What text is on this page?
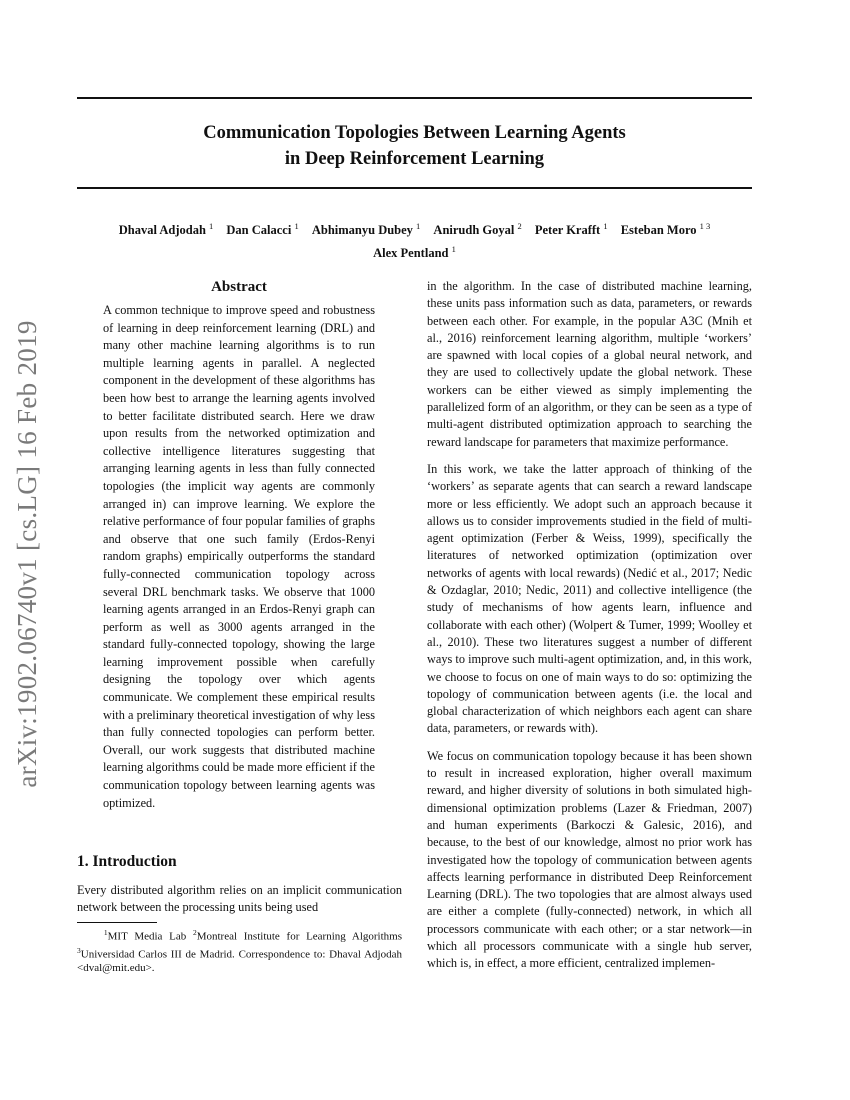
arXiv:1902.06740v1 [cs.LG] 16 Feb 2019
Communication Topologies Between Learning Agents
in Deep Reinforcement Learning
Dhaval Adjodah $^1$ Dan Calacci $^1$ Abhimanyu Dubey $^1$ Anirudh Goyal $^2$ Peter Krafft $^1$ Esteban Moro $^{1 3}$
Alex Pentland $^1$
Abstract
A common technique to improve speed and robustness of learning in deep reinforcement learning (DRL) and many other machine learning algorithms is to run multiple learning agents in parallel. A neglected component in the development of these algorithms has been how best to arrange the learning agents involved to better facilitate distributed search. Here we draw upon results from the networked optimization and collective intelligence literatures suggesting that arranging learning agents in less than fully connected topologies (the implicit way agents are commonly arranged in) can improve learning. We explore the relative performance of four popular families of graphs and observe that one such family (Erdos-Renyi random graphs) empirically outperforms the standard fully-connected communication topology across several DRL benchmark tasks. We observe that 1000 learning agents arranged in an Erdos-Renyi graph can perform as well as 3000 agents arranged in the standard fully-connected topology, showing the large learning improvement possible when carefully designing the topology over which agents communicate. We complement these empirical results with a preliminary theoretical investigation of why less than fully connected topologies can perform better. Overall, our work suggests that distributed machine learning algorithms could be made more efficient if the communication topology between learning agents was optimized.
1. Introduction
Every distributed algorithm relies on an implicit communication network between the processing units being used
$^1$MIT Media Lab $^2$Montreal Institute for Learning Algorithms $^3$Universidad Carlos III de Madrid. Correspondence to: Dhaval Adjodah <dval@mit.edu>.

in the algorithm. In the case of distributed machine learning, these units pass information such as data, parameters, or rewards between each other. For example, in the popular A3C (Mnih et al., 2016) reinforcement learning algorithm, multiple ‘workers’ are spawned with local copies of a global neural network, and they are used to collectively update the global network. These workers can be either viewed as simply implementing the parallelized form of an algorithm, or they can be seen as a type of multi-agent distributed optimization approach to searching the reward landscape for parameters that maximize performance.

In this work, we take the latter approach of thinking of the ‘workers’ as separate agents that can search a reward landscape more or less efficiently. We adopt such an approach because it allows us to consider improvements studied in the field of multi-agent optimization (Ferber & Weiss, 1999), specifically the literatures of networked optimization (optimization over networks of agents with local rewards) (Nedić et al., 2017; Nedic & Ozdaglar, 2010; Nedic, 2011) and collective intelligence (the study of mechanisms of how agents learn, influence and collaborate with each other) (Wolpert & Tumer, 1999; Woolley et al., 2010). These two literatures suggest a number of different ways to improve such multi-agent optimization, and, in this work, we choose to focus on one of main ways to do so: optimizing the topology of communication between agents (i.e. the local and global characterization of which neighbors each agent can share data, parameters, or rewards with).

We focus on communication topology because it has been shown to result in increased exploration, higher overall maximum reward, and higher diversity of solutions in both simulated high-dimensional optimization problems (Lazer & Friedman, 2007) and human experiments (Barkoczi & Galesic, 2016), and because, to the best of our knowledge, almost no prior work has investigated how the topology of communication between agents affects learning performance in distributed Deep Reinforcement Learning (DRL). The two topologies that are almost always used are either a complete (fully-connected) network, in which all processors communicate with each other; or a star network—in which all processors communicate with a single hub server, which is, in effect, a more efficient, centralized implemen-
